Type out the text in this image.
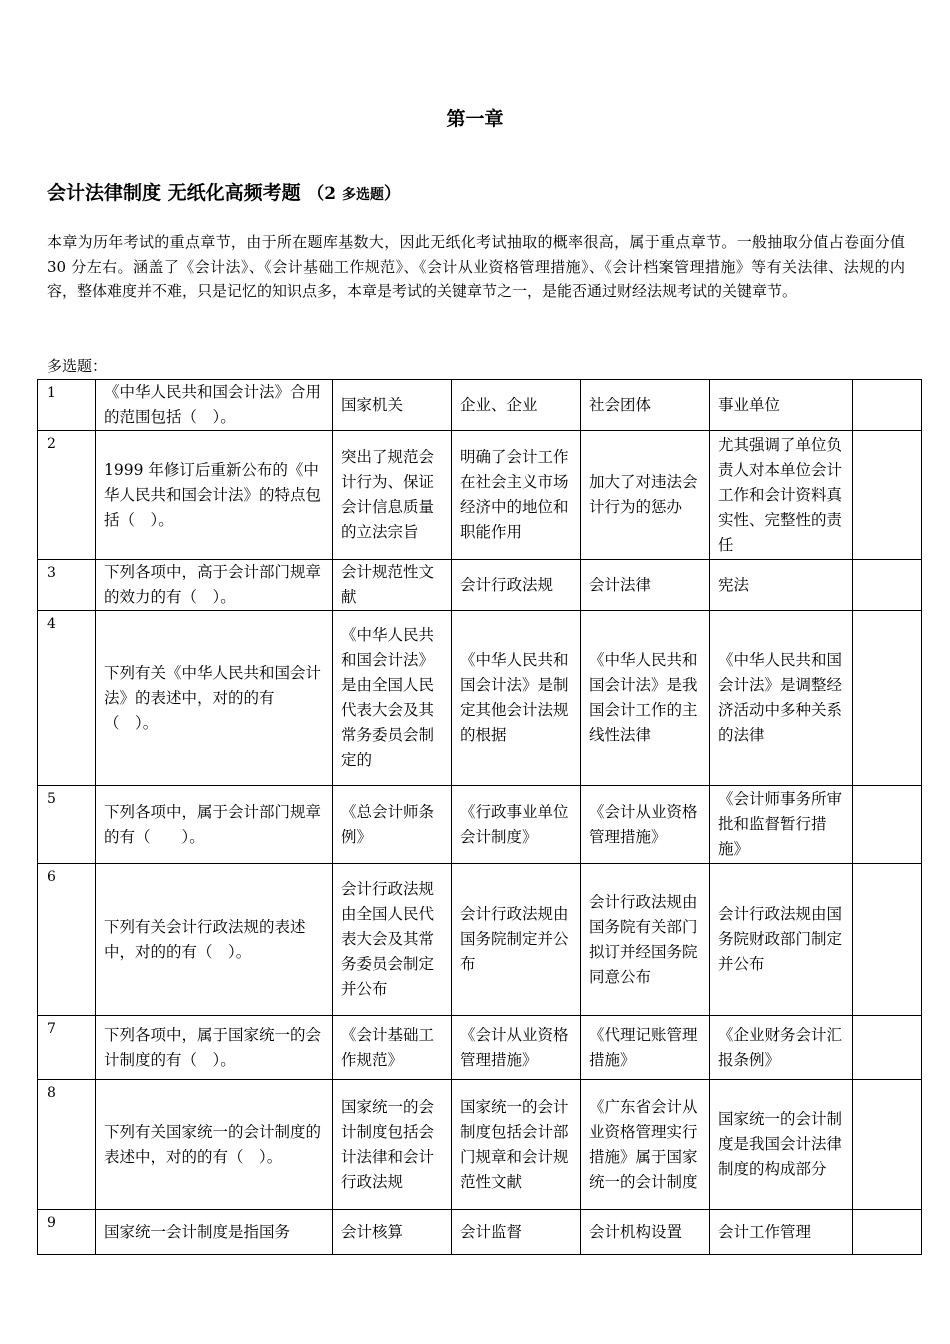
第一章
会计法律制度 无纸化高频考题 （2 多选题）
本章为历年考试的重点章节，由于所在题库基数大，因此无纸化考试抽取的概率很高，属于重点章节。一般抽取分值占卷面分值 30 分左右。涵盖了《会计法》、《会计基础工作规范》、《会计从业资格管理措施》、《会计档案管理措施》等有关法律、法规的内容，整体难度并不难，只是记忆的知识点多，本章是考试的关键章节之一，是能否通过财经法规考试的关键章节。
多选题：
1	《中华人民共和国会计法》合用的范围包括（　）。	国家机关	企业、企业	社会团体	事业单位	
2	1999 年修订后重新公布的《中华人民共和国会计法》的特点包括（　）。	突出了规范会计行为、保证会计信息质量的立法宗旨	明确了会计工作在社会主义市场经济中的地位和职能作用	加大了对违法会计行为的惩办	尤其强调了单位负责人对本单位会计工作和会计资料真实性、完整性的责任	
3	下列各项中，高于会计部门规章的效力的有（　）。	会计规范性文献	会计行政法规	会计法律	宪法	
4	下列有关《中华人民共和国会计法》的表述中，对的的有（　）。	《中华人民共和国会计法》是由全国人民代表大会及其常务委员会制定的	《中华人民共和国会计法》是制定其他会计法规的根据	《中华人民共和国会计法》是我国会计工作的主线性法律	《中华人民共和国会计法》是调整经济活动中多种关系的法律	
5	下列各项中，属于会计部门规章的有（　　）。	《总会计师条例》	《行政事业单位会计制度》	《会计从业资格管理措施》	《会计师事务所审批和监督暂行措施》	
6	下列有关会计行政法规的表述中，对的的有（　）。	会计行政法规由全国人民代表大会及其常务委员会制定并公布	会计行政法规由国务院制定并公布	会计行政法规由国务院有关部门拟订并经国务院同意公布	会计行政法规由国务院财政部门制定并公布	
7	下列各项中，属于国家统一的会计制度的有（　）。	《会计基础工作规范》	《会计从业资格管理措施》	《代理记账管理措施》	《企业财务会计汇报条例》	
8	下列有关国家统一的会计制度的表述中，对的的有（　）。	国家统一的会计制度包括会计法律和会计行政法规	国家统一的会计制度包括会计部门规章和会计规范性文献	《广东省会计从业资格管理实行措施》属于国家统一的会计制度	国家统一的会计制度是我国会计法律制度的构成部分	
9	国家统一会计制度是指国务	会计核算	会计监督	会计机构设置	会计工作管理	
